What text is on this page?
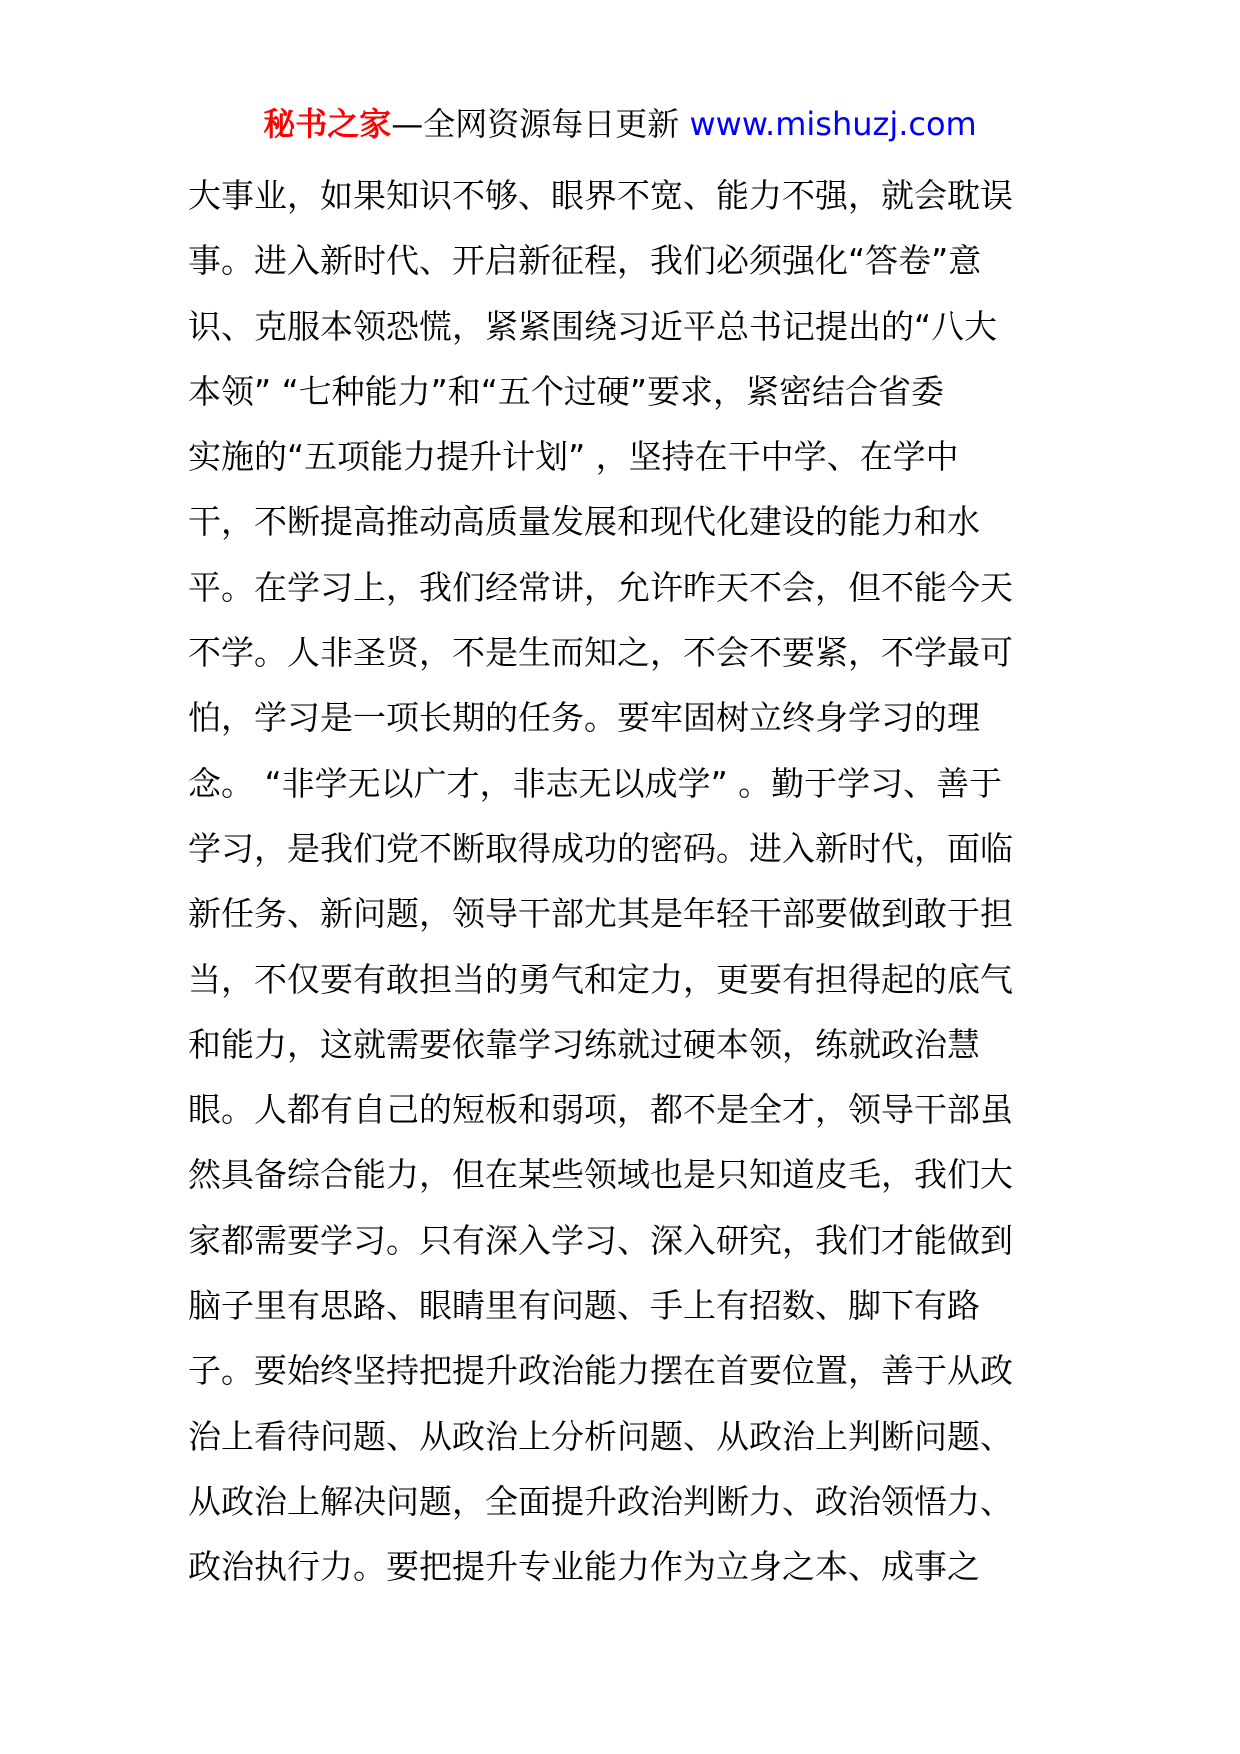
秘书之家—全网资源每日更新 www.mishuzj.com
大事业，如果知识不够、眼界不宽、能力不强，就会耽误
事。进入新时代、开启新征程，我们必须强化“答卷”意
识、克服本领恐慌，紧紧围绕习近平总书记提出的“八大
本领” “七种能力”和“五个过硬”要求，紧密结合省委
实施的“五项能力提升计划” ，坚持在干中学、在学中
干，不断提高推动高质量发展和现代化建设的能力和水
平。在学习上，我们经常讲，允许昨天不会，但不能今天
不学。人非圣贤，不是生而知之，不会不要紧，不学最可
怕，学习是一项长期的任务。要牢固树立终身学习的理
念。 “非学无以广才，非志无以成学” 。勤于学习、善于
学习，是我们党不断取得成功的密码。进入新时代，面临
新任务、新问题，领导干部尤其是年轻干部要做到敢于担
当，不仅要有敢担当的勇气和定力，更要有担得起的底气
和能力，这就需要依靠学习练就过硬本领，练就政治慧
眼。人都有自己的短板和弱项，都不是全才，领导干部虽
然具备综合能力，但在某些领域也是只知道皮毛，我们大
家都需要学习。只有深入学习、深入研究，我们才能做到
脑子里有思路、眼睛里有问题、手上有招数、脚下有路
子。要始终坚持把提升政治能力摆在首要位置，善于从政
治上看待问题、从政治上分析问题、从政治上判断问题、
从政治上解决问题，全面提升政治判断力、政治领悟力、
政治执行力。要把提升专业能力作为立身之本、成事之
